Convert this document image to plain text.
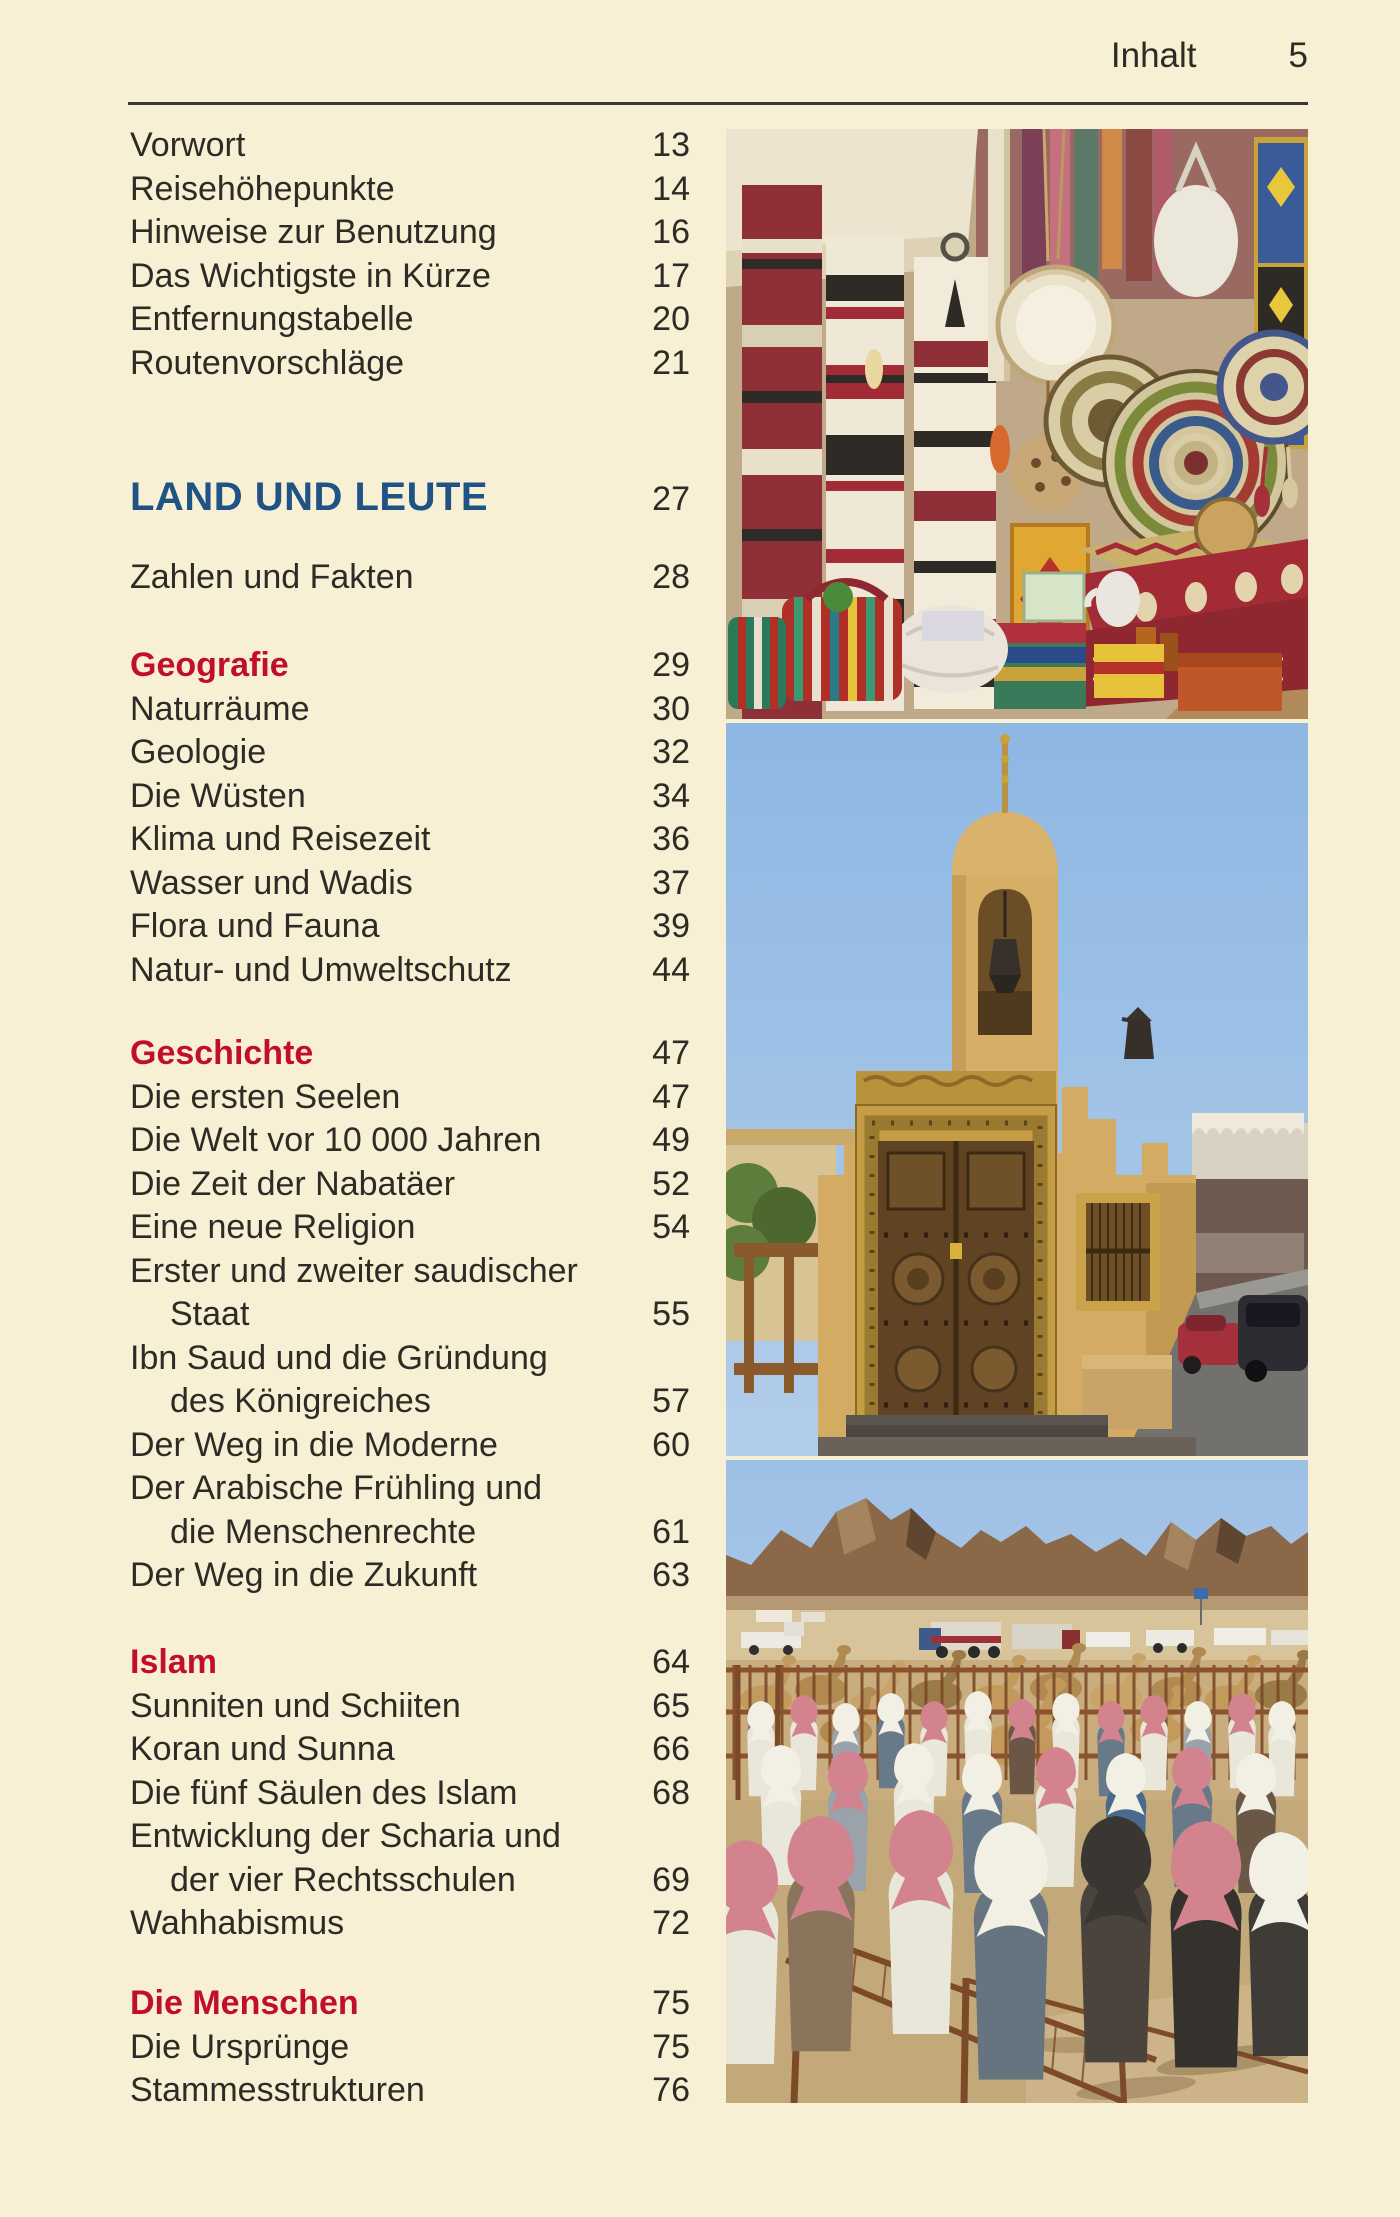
Inhalt	5
Vorwort	13
Reisehöhepunkte	14
Hinweise zur Benutzung	16
Das Wichtigste in Kürze	17
Entfernungstabelle	20
Routenvorschläge	21
LAND UND LEUTE	27
Zahlen und Fakten	28
Geografie	29
Naturräume	30
Geologie	32
Die Wüsten	34
Klima und Reisezeit	36
Wasser und Wadis	37
Flora und Fauna	39
Natur- und Umweltschutz	44
Geschichte	47
Die ersten Seelen	47
Die Welt vor 10 000 Jahren	49
Die Zeit der Nabatäer	52
Eine neue Religion	54
Erster und zweiter saudischer
Staat	55
Ibn Saud und die Gründung
des Königreiches	57
Der Weg in die Moderne	60
Der Arabische Frühling und
die Menschenrechte	61
Der Weg in die Zukunft	63
Islam	64
Sunniten und Schiiten	65
Koran und Sunna	66
Die fünf Säulen des Islam	68
Entwicklung der Scharia und
der vier Rechtsschulen	69
Wahhabismus	72
Die Menschen	75
Die Ursprünge	75
Stammesstrukturen	76
